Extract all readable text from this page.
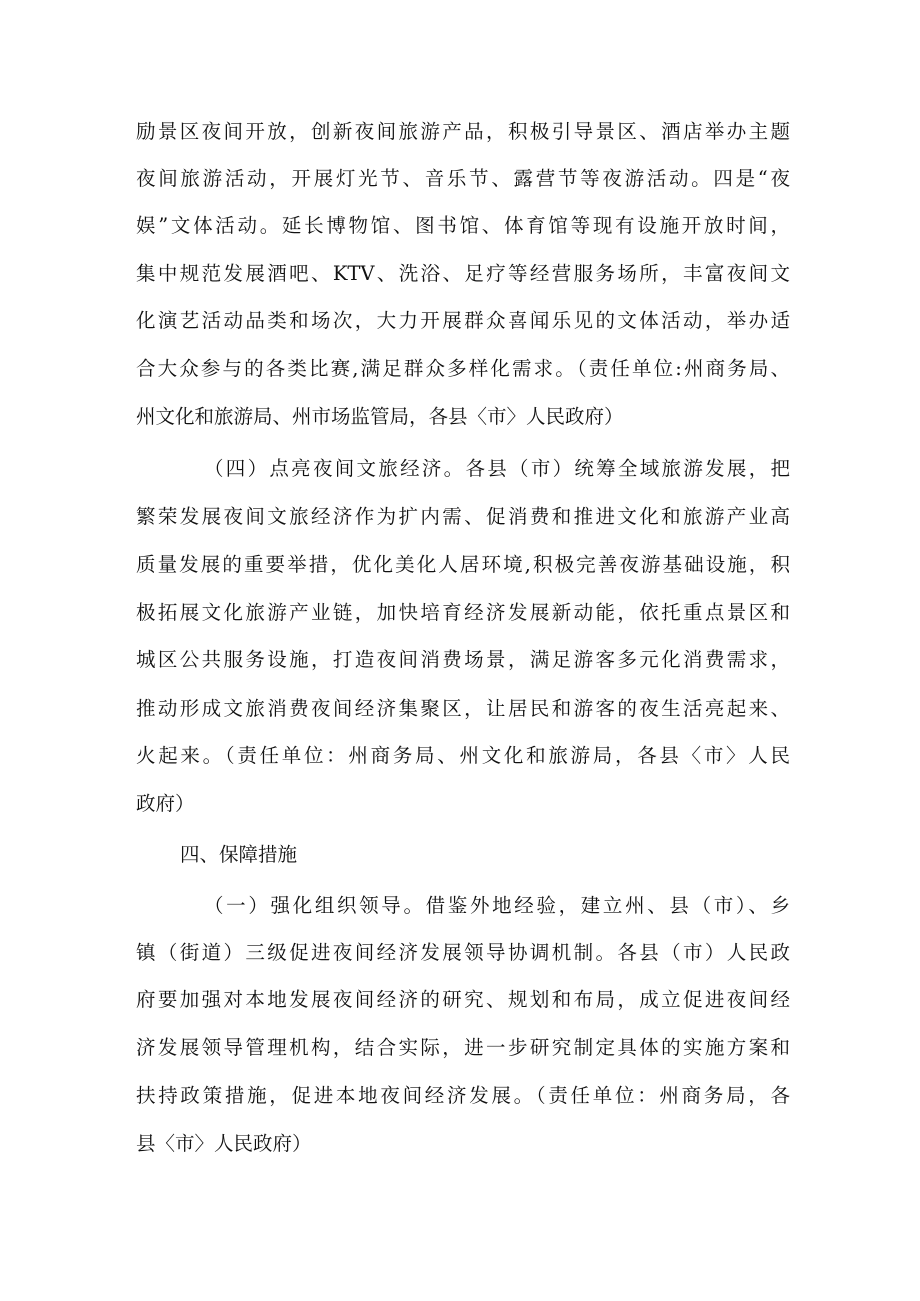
励景区夜间开放，创新夜间旅游产品，积极引导景区、酒店举办主题
夜间旅游活动，开展灯光节、音乐节、露营节等夜游活动。四是“夜
娱”文体活动。延长博物馆、图书馆、体育馆等现有设施开放时间，
集中规范发展酒吧、KTV、洗浴、足疗等经营服务场所，丰富夜间文
化演艺活动品类和场次，大力开展群众喜闻乐见的文体活动，举办适
合大众参与的各类比赛,满足群众多样化需求。（责任单位:州商务局、
州文化和旅游局、州市场监管局，各县〈市〉人民政府）
（四）点亮夜间文旅经济。各县（市）统筹全域旅游发展，把
繁荣发展夜间文旅经济作为扩内需、促消费和推进文化和旅游产业高
质量发展的重要举措，优化美化人居环境,积极完善夜游基础设施，积
极拓展文化旅游产业链，加快培育经济发展新动能，依托重点景区和
城区公共服务设施，打造夜间消费场景，满足游客多元化消费需求，
推动形成文旅消费夜间经济集聚区，让居民和游客的夜生活亮起来、
火起来。（责任单位：州商务局、州文化和旅游局，各县〈市〉人民
政府）
四、保障措施
（一）强化组织领导。借鉴外地经验，建立州、县（市）、乡
镇（街道）三级促进夜间经济发展领导协调机制。各县（市）人民政
府要加强对本地发展夜间经济的研究、规划和布局，成立促进夜间经
济发展领导管理机构，结合实际，进一步研究制定具体的实施方案和
扶持政策措施，促进本地夜间经济发展。（责任单位：州商务局，各
县〈市〉人民政府）
